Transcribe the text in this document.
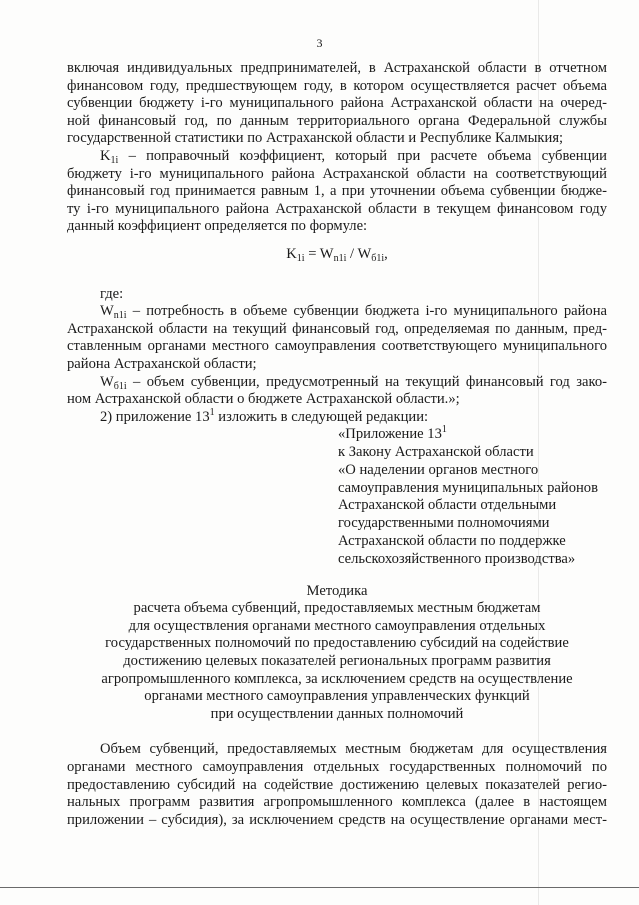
3

включая индивидуальных предпринимателей, в Астраханской области в отчетном

финансовом году, предшествующем году, в котором осуществляется расчет объема

субвенции бюджету i-го муниципального района Астраханской области на очеред-

ной финансовый год, по данным территориального органа Федеральной службы

государственной статистики по Астраханской области и Республике Калмыкия;

$K_{1i}$ – поправочный коэффициент, который при расчете объема субвенции

бюджету i-го муниципального района Астраханской области на соответствующий

финансовый год принимается равным 1, а при уточнении объема субвенции бюдже-

ту i-го муниципального района Астраханской области в текущем финансовом году

данный коэффициент определяется по формуле:

$K_{1i} = W_{n1i} / W_{б1i}$,

где:

$W_{n1i}$ – потребность в объеме субвенции бюджета i-го муниципального района

Астраханской области на текущий финансовый год, определяемая по данным, пред-

ставленным органами местного самоуправления соответствующего муниципального

района Астраханской области;

$W_{б1i}$ – объем субвенции, предусмотренный на текущий финансовый год зако-

ном Астраханской области о бюджете Астраханской области.»;

2) приложение $13^1$ изложить в следующей редакции:

«Приложение $13^1$

к Закону Астраханской области

«О наделении органов местного

самоуправления муниципальных районов

Астраханской области отдельными

государственными полномочиями

Астраханской области по поддержке

сельскохозяйственного производства»

Методика

расчета объема субвенций, предоставляемых местным бюджетам

для осуществления органами местного самоуправления отдельных

государственных полномочий по предоставлению субсидий на содействие

достижению целевых показателей региональных программ развития

агропромышленного комплекса, за исключением средств на осуществление

органами местного самоуправления управленческих функций

при осуществлении данных полномочий

Объем субвенций, предоставляемых местным бюджетам для осуществления

органами местного самоуправления отдельных государственных полномочий по

предоставлению субсидий на содействие достижению целевых показателей регио-

нальных программ развития агропромышленного комплекса (далее в настоящем

приложении – субсидия), за исключением средств на осуществление органами мест-
